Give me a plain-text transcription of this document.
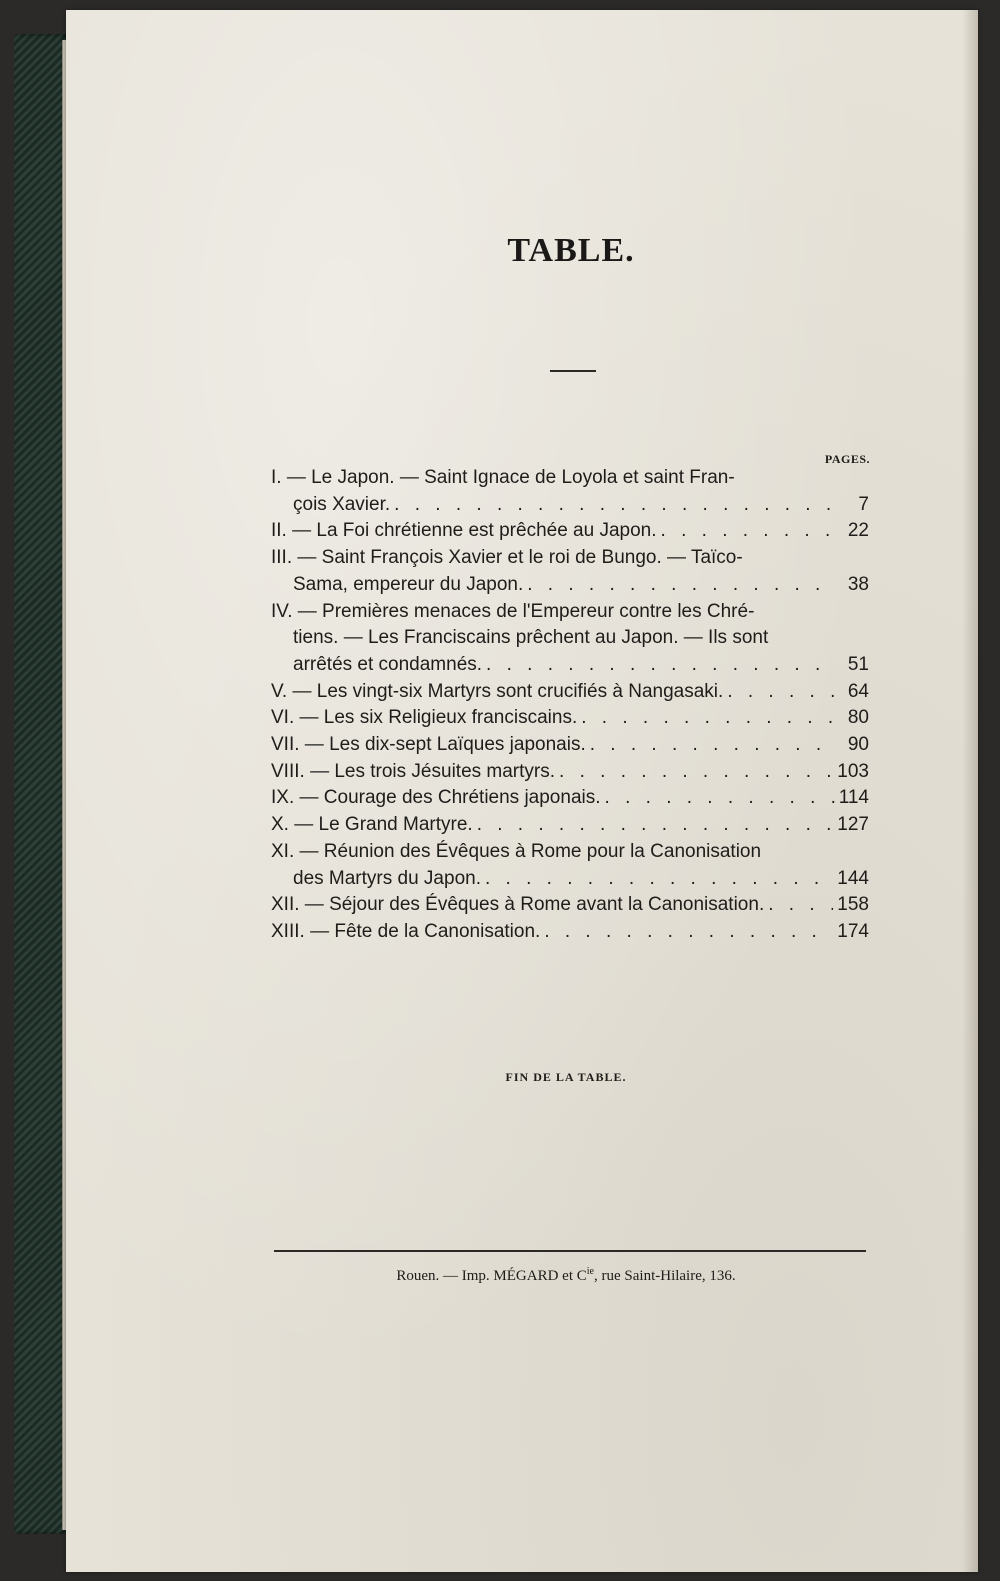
TABLE.
PAGES.
I. — Le Japon. — Saint Ignace de Loyola et saint Fran-
çois Xavier. . . .	7
II. — La Foi chrétienne est prêchée au Japon. . . .	22
III. — Saint François Xavier et le roi de Bungo. — Taïco-
Sama, empereur du Japon. . . .	38
IV. — Premières menaces de l'Empereur contre les Chré-
tiens. — Les Franciscains prêchent au Japon. — Ils sont
arrêtés et condamnés. . . .	51
V. — Les vingt-six Martyrs sont crucifiés à Nangasaki. . . .	64
VI. — Les six Religieux franciscains. . . .	80
VII. — Les dix-sept Laïques japonais. . . .	90
VIII. — Les trois Jésuites martyrs. . . .	103
IX. — Courage des Chrétiens japonais. . . .	114
X. — Le Grand Martyre. . . .	127
XI. — Réunion des Évêques à Rome pour la Canonisation
des Martyrs du Japon. . . .	144
XII. — Séjour des Évêques à Rome avant la Canonisation. . . .	158
XIII. — Fête de la Canonisation. . . .	174
FIN DE LA TABLE.
Rouen. — Imp. MÉGARD et $C^{ie}$, rue Saint-Hilaire, 136.
